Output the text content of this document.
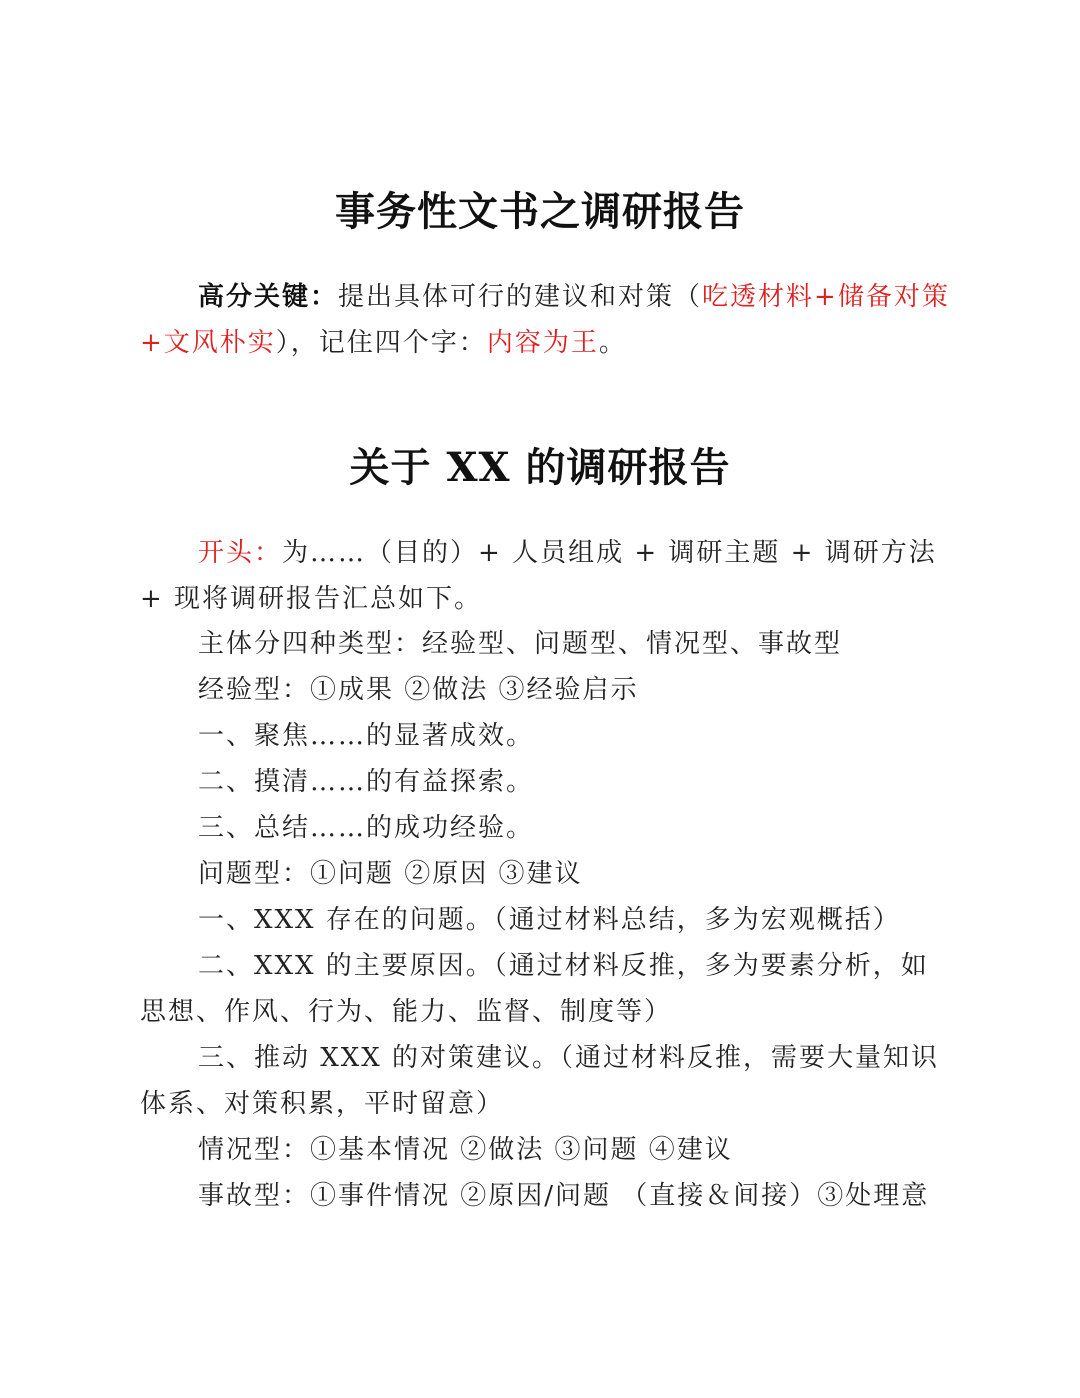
事务性文书之调研报告
高分关键：提出具体可行的建议和对策（吃透材料+储备对策+文风朴实），记住四个字：内容为王。
关于 XX 的调研报告
开头：为……（目的）+ 人员组成 + 调研主题 + 调研方法 + 现将调研报告汇总如下。
主体分四种类型：经验型、问题型、情况型、事故型
经验型：①成果 ②做法 ③经验启示
一、聚焦……的显著成效。
二、摸清……的有益探索。
三、总结……的成功经验。
问题型：①问题 ②原因 ③建议
一、XXX 存在的问题。（通过材料总结，多为宏观概括）
二、XXX 的主要原因。（通过材料反推，多为要素分析，如思想、作风、行为、能力、监督、制度等）
三、推动 XXX 的对策建议。（通过材料反推，需要大量知识体系、对策积累，平时留意）
情况型：①基本情况 ②做法 ③问题 ④建议
事故型：①事件情况 ②原因/问题 （直接＆间接）③处理意
